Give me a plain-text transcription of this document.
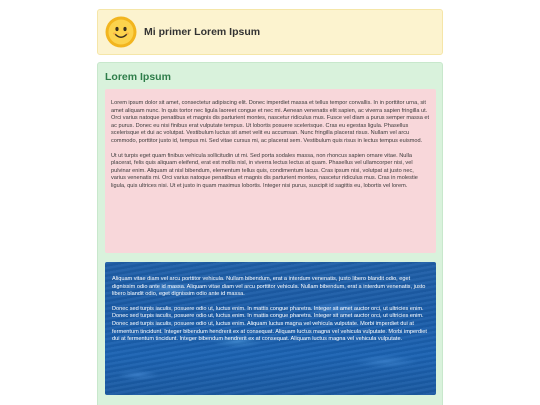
Mi primer Lorem Ipsum
Lorem Ipsum

Lorem ipsum dolor sit amet, consectetur adipiscing elit. Donec imperdiet massa et tellus tempor convallis. In in porttitor urna, sit amet aliquam nunc. In quis tortor nec ligula laoreet congue et nec mi. Aenean venenatis elit sapien, ac viverra sapien fringilla ut. Orci varius natoque penatibus et magnis dis parturient montes, nascetur ridiculus mus. Fusce vel diam a purus semper massa et ac purus. Donec eu nisi finibus erat vulputate tempus. Ut lobortis posuere scelerisque. Cras eu egestas ligula. Phasellus scelerisque et dui ac volutpat. Vestibulum luctus sit amet velit eu accumsan. Nunc fringilla placerat risus. Nullam vel arcu commodo, porttitor justo id, tempus mi. Sed vitae cursus mi, ac placerat sem. Vestibulum quis risus in lectus tempus euismod.

Ut ut turpis eget quam finibus vehicula sollicitudin ut mi. Sed porta sodales massa, non rhoncus sapien ornare vitae. Nulla placerat, felis quis aliquam eleifend, erat est mollis nisl, in viverra lectus lectus at quam. Phasellus vel ullamcorper nisi, vel pulvinar enim. Aliquam at nisl bibendum, elementum tellus quis, condimentum lacus. Cras ipsum nisi, volutpat at justo nec, varius venenatis mi. Orci varius natoque penatibus et magnis dis parturient montes, nascetur ridiculus mus. Cras in molestie ligula, quis ultrices nisi. Ut et justo in quam maximus lobortis. Integer nisi purus, suscipit id sagittis eu, lobortis vel lorem.

Aliquam vitae diam vel arcu porttitor vehicula. Nullam bibendum, erat a interdum venenatis, justo libero blandit odio, eget dignissim odio ante id massa. Aliquam vitae diam vel arcu porttitor vehicula. Nullam bibendum, erat a interdum venenatis, justo libero blandit odio, eget dignissim odio ante id massa.

Donec sed turpis iaculis, posuere odio ut, luctus enim. In mattis congue pharetra. Integer sit amet auctor orci, ut ultricies enim. Donec sed turpis iaculis, posuere odio ut, luctus enim. In mattis congue pharetra. Integer sit amet auctor orci, ut ultricies enim. Donec sed turpis iaculis, posuere odio ut, luctus enim. Aliquam luctus magna vel vehicula vulputate. Morbi imperdiet dui at fermentum tincidunt. Integer bibendum hendrerit ex at consequat. Aliquam luctus magna vel vehicula vulputate. Morbi imperdiet dui at fermentum tincidunt. Integer bibendum hendrerit ex at consequat. Aliquam luctus magna vel vehicula vulputate.
